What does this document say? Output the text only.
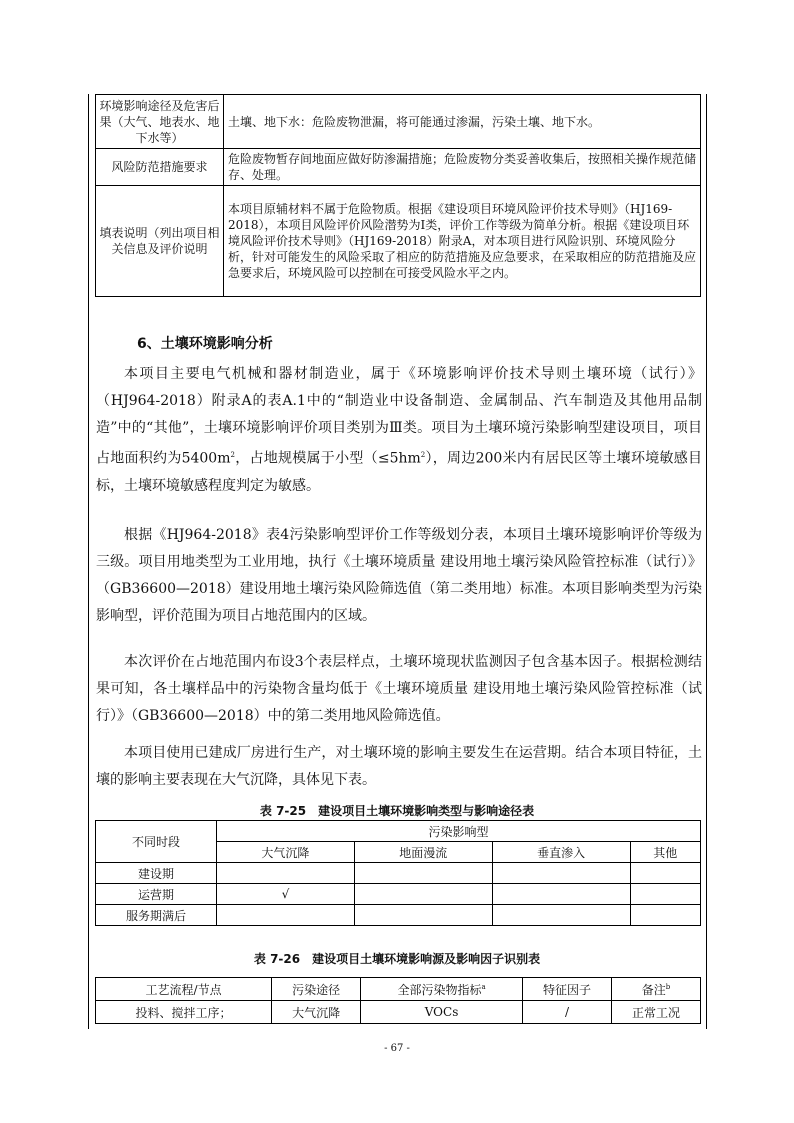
环境影响途径及危害后果（大气、地表水、地下水等）	土壤、地下水：危险废物泄漏，将可能通过渗漏，污染土壤、地下水。
风险防范措施要求	危险废物暂存间地面应做好防渗漏措施；危险废物分类妥善收集后，按照相关操作规范储存、处理。
填表说明（列出项目相关信息及评价说明	本项目原辅材料不属于危险物质。根据《建设项目环境风险评价技术导则》（HJ169-2018），本项目风险评价风险潜势为Ⅰ类，评价工作等级为简单分析。根据《建设项目环境风险评价技术导则》（HJ169-2018）附录A，对本项目进行风险识别、环境风险分析，针对可能发生的风险采取了相应的防范措施及应急要求，在采取相应的防范措施及应急要求后，环境风险可以控制在可接受风险水平之内。
6、土壤环境影响分析

本项目主要电气机械和器材制造业，属于《环境影响评价技术导则土壤环境（试行）》（HJ964-2018）附录A的表A.1中的“制造业中设备制造、金属制品、汽车制造及其他用品制造”中的“其他”，土壤环境影响评价项目类别为Ⅲ类。项目为土壤环境污染影响型建设项目，项目占地面积约为$5400m^2$，占地规模属于小型$(\le 5hm^2)$，周边200米内有居民区等土壤环境敏感目标，土壤环境敏感程度判定为敏感。

根据《HJ964-2018》表4污染影响型评价工作等级划分表，本项目土壤环境影响评价等级为三级。项目用地类型为工业用地，执行《土壤环境质量 建设用地土壤污染风险管控标准（试行）》（GB36600—2018）建设用地土壤污染风险筛选值（第二类用地）标准。本项目影响类型为污染影响型，评价范围为项目占地范围内的区域。

本次评价在占地范围内布设3个表层样点，土壤环境现状监测因子包含基本因子。根据检测结果可知，各土壤样品中的污染物含量均低于《土壤环境质量 建设用地土壤污染风险管控标准（试行）》（GB36600—2018）中的第二类用地风险筛选值。

本项目使用已建成厂房进行生产，对土壤环境的影响主要发生在运营期。结合本项目特征，土壤的影响主要表现在大气沉降，具体见下表。

表 7-25　建设项目土壤环境影响类型与影响途径表

不同时段	污染影响型			
	大气沉降	地面漫流	垂直渗入	其他
建设期				
运营期	√			
服务期满后				

表 7-26　建设项目土壤环境影响源及影响因子识别表

工艺流程/节点	污染途径	全部污染物指标$^a$	特征因子	备注$^b$
投料、搅拌工序；	大气沉降	VOCs	/	正常工况

- 67 -
